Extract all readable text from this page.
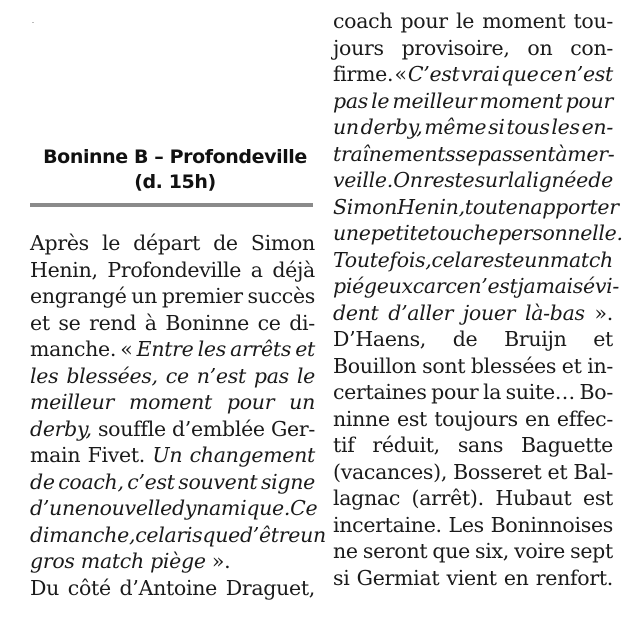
Boninne B – Profondeville
(d. 15h)
Après le départ de Simon
Henin, Profondeville a déjà
engrangé un premier succès
et se rend à Boninne ce di-
manche. « Entre les arrêts et
les blessées, ce n’est pas le
meilleur moment pour un
derby, souffle d’emblée Ger-
main Fivet. Un changement
de coach, c’est souvent signe
d’une nouvelle dynamique. Ce
dimanche, cela risque d’être un
gros match piège ».
Du côté d’Antoine Draguet,
coach pour le moment tou-
jours provisoire, on con-
firme. « C’est vrai que ce n’est
pas le meilleur moment pour
un derby, même si tous les en-
traînements se passent à mer-
veille. On reste sur la lignée de
Simon Henin, tout en apporter
une petite touche personnelle.
Toutefois, cela reste un match
piégeux car ce n’est jamais évi-
dent d’aller jouer là-bas ».
D’Haens, de Bruijn et
Bouillon sont blessées et in-
certaines pour la suite… Bo-
ninne est toujours en effec-
tif réduit, sans Baguette
(vacances), Bosseret et Bal-
lagnac (arrêt). Hubaut est
incertaine. Les Boninnoises
ne seront que six, voire sept
si Germiat vient en renfort.
